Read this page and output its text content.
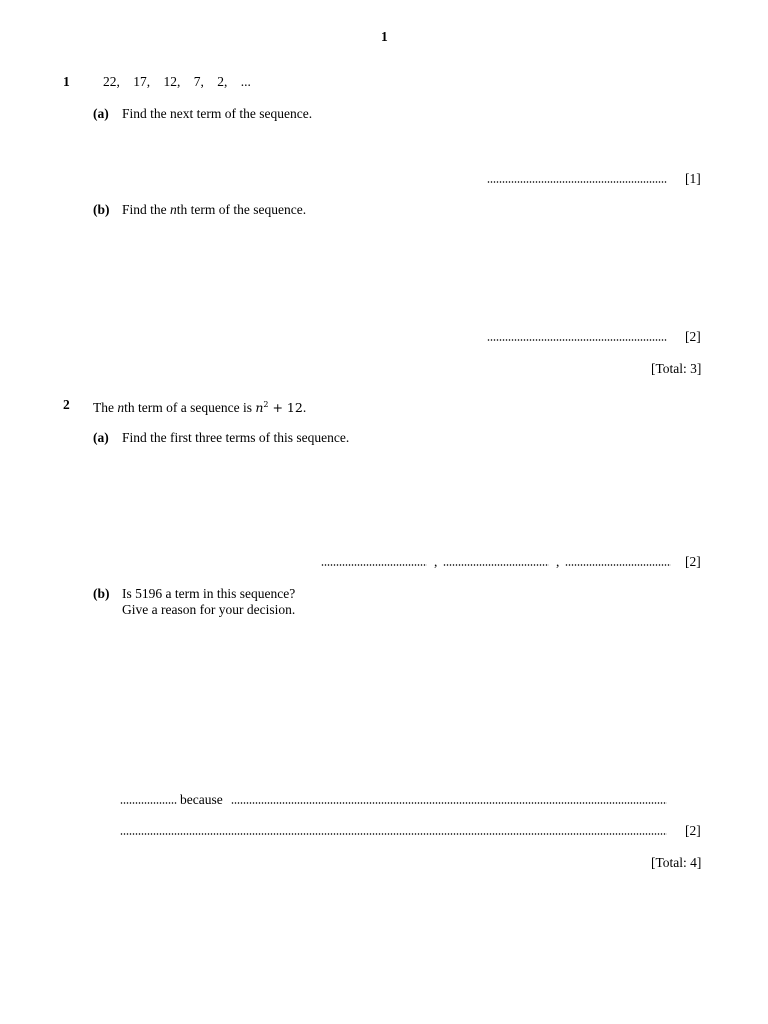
1
1 22, 17, 12, 7, 2, ...
(a) Find the next term of the sequence.
[1]
(b) Find the nth term of the sequence.
[2]
[Total: 3]
2 The nth term of a sequence is $n^2 + 12$.
(a) Find the first three terms of this sequence.
,	,	[2]
(b) Is 5196 a term in this sequence?
Give a reason for your decision.
because
[2]
[Total: 4]
